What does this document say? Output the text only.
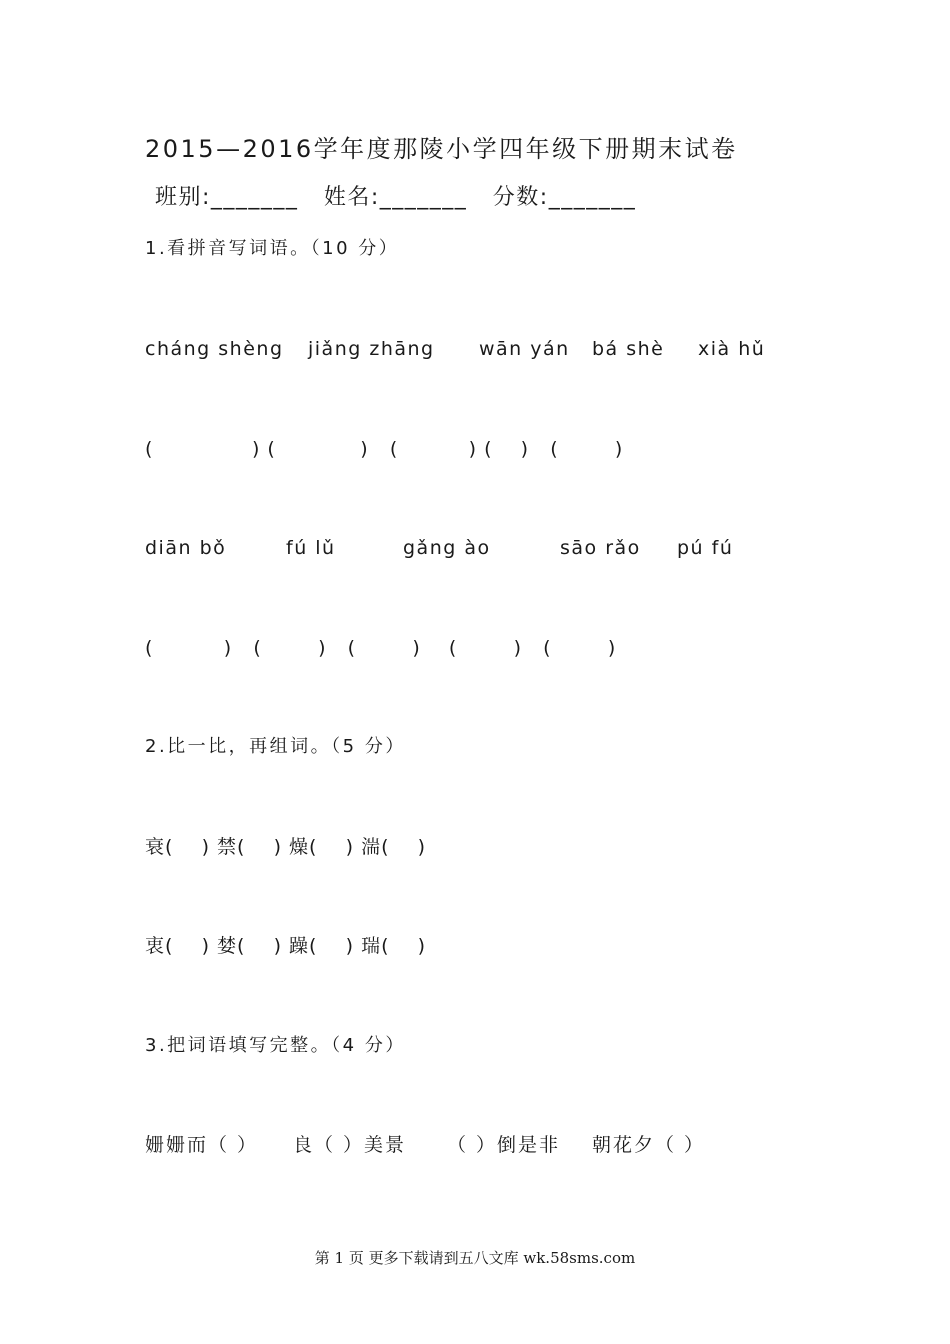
2015—2016学年度那陵小学四年级下册期末试卷
班别:_______   姓名:_______   分数:_______
1.看拼音写词语。（10 分）
cháng shèng jiǎng zhāng wān yán bá shè xià hǔ
(              ) (            )   (          ) (    )   (        )
diān bǒ	fú lǔ	gǎng ào	sāo rǎo pú fú
(          )   (        )   (        )    (        )   (        )
2.比一比，再组词。（5 分）
衰(    ) 禁(    ) 燥(    ) 湍(    )
衷(    ) 婪(    ) 躁(    ) 瑞(    )
3.把词语填写完整。（4 分）
姗姗而（ ） 良（ ）美景 （ ）倒是非 朝花夕（ ）
第 1 页 更多下载请到五八文库 wk.58sms.com
